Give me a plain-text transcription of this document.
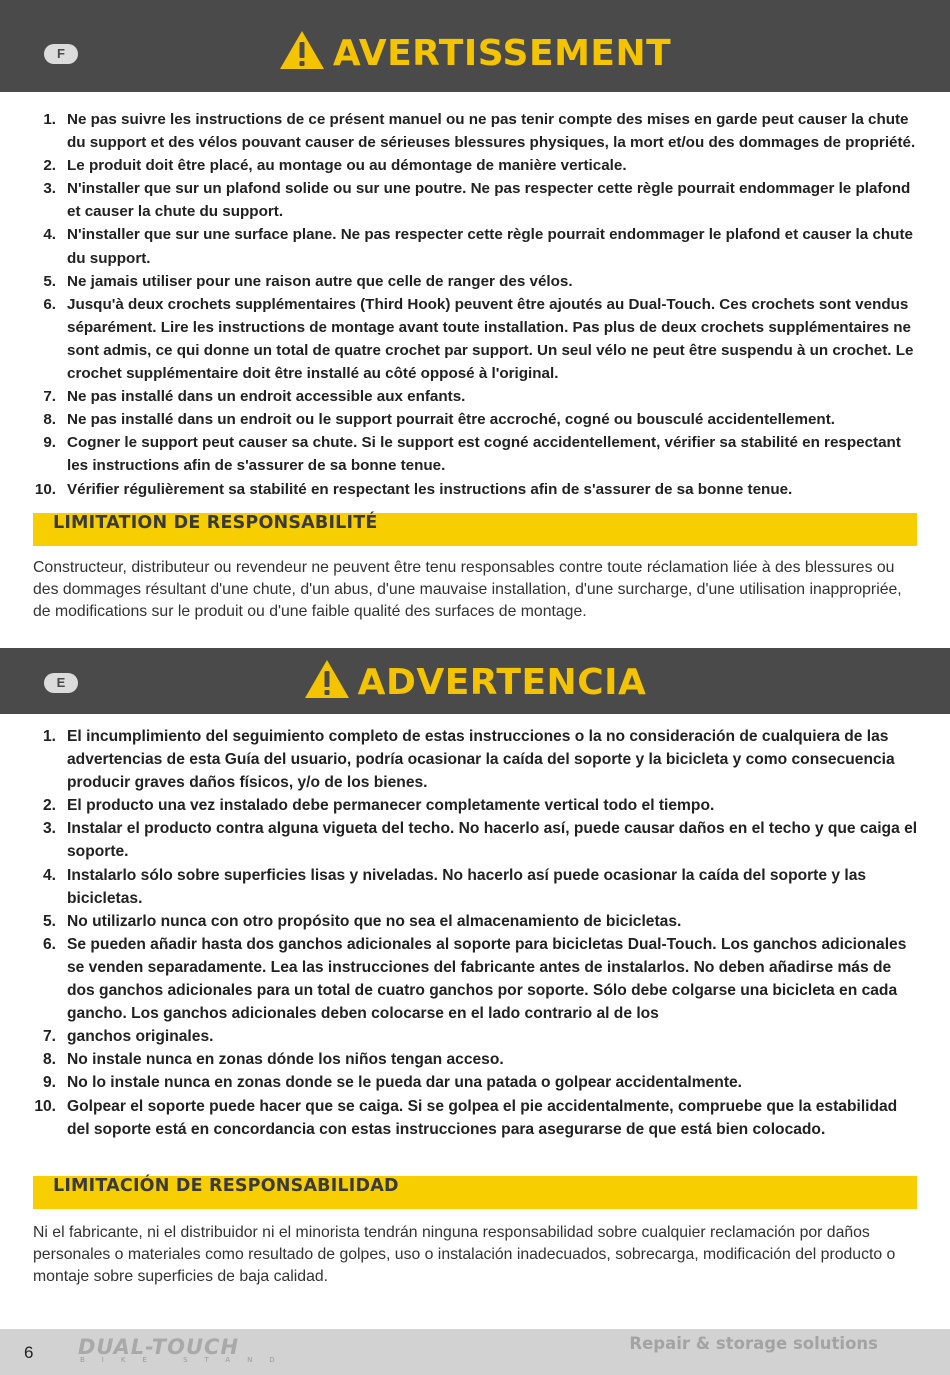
F	AVERTISSEMENT
1. Ne pas suivre les instructions de ce présent manuel ou ne pas tenir compte des mises en garde peut causer la chute du support et des vélos pouvant causer de sérieuses blessures physiques, la mort et/ou des dommages de propriété.
2. Le produit doit être placé, au montage ou au démontage de manière verticale.
3. N'installer que sur un plafond solide ou sur une poutre. Ne pas respecter cette règle pourrait endommager le plafond et causer la chute du support.
4. N'installer que sur une surface plane. Ne pas respecter cette règle pourrait endommager le plafond et causer la chute du support.
5. Ne jamais utiliser pour une raison autre que celle de ranger des vélos.
6. Jusqu'à deux crochets supplémentaires (Third Hook) peuvent être ajoutés au Dual-Touch. Ces crochets sont vendus séparément. Lire les instructions de montage avant toute installation. Pas plus de deux crochets supplémentaires ne sont admis, ce qui donne un total de quatre crochet par support. Un seul vélo ne peut être suspendu à un crochet. Le crochet supplémentaire doit être installé au côté opposé à l'original.
7. Ne pas installé dans un endroit accessible aux enfants.
8. Ne pas installé dans un endroit ou le support pourrait être accroché, cogné ou bousculé accidentellement.
9. Cogner le support peut causer sa chute. Si le support est cogné accidentellement, vérifier sa stabilité en respectant les instructions afin de s'assurer de sa bonne tenue.
10. Vérifier régulièrement sa stabilité en respectant les instructions afin de s'assurer de sa bonne tenue.
LIMITATION DE RESPONSABILITÉ

Constructeur, distributeur ou revendeur ne peuvent être tenu responsables contre toute réclamation liée à des blessures ou des dommages résultant d'une chute, d'un abus, d'une mauvaise installation, d'une surcharge, d'une utilisation inappropriée, de modifications sur le produit ou d'une faible qualité des surfaces de montage.

E	ADVERTENCIA
1. El incumplimiento del seguimiento completo de estas instrucciones o la no consideración de cualquiera de las advertencias de esta Guía del usuario, podría ocasionar la caída del soporte y la bicicleta y como consecuencia producir graves daños físicos, y/o de los bienes.
2. El producto una vez instalado debe permanecer completamente vertical todo el tiempo.
3. Instalar el producto contra alguna vigueta del techo. No hacerlo así, puede causar daños en el techo y que caiga el soporte.
4. Instalarlo sólo sobre superficies lisas y niveladas. No hacerlo así puede ocasionar la caída del soporte y las bicicletas.
5. No utilizarlo nunca con otro propósito que no sea el almacenamiento de bicicletas.
6. Se pueden añadir hasta dos ganchos adicionales al soporte para bicicletas Dual-Touch. Los ganchos adicionales se venden separadamente. Lea las instrucciones del fabricante antes de instalarlos. No deben añadirse más de dos ganchos adicionales para un total de cuatro ganchos por soporte. Sólo debe colgarse una bicicleta en cada gancho. Los ganchos adicionales deben colocarse en el lado contrario al de los
7. ganchos originales.
8. No instale nunca en zonas dónde los niños tengan acceso.
9. No lo instale nunca en zonas donde se le pueda dar una patada o golpear accidentalmente.
10. Golpear el soporte puede hacer que se caiga. Si se golpea el pie accidentalmente, compruebe que la estabilidad del soporte está en concordancia con estas instrucciones para asegurarse de que está bien colocado.
LIMITACIÓN DE RESPONSABILIDAD

Ni el fabricante, ni el distribuidor ni el minorista tendrán ninguna responsabilidad sobre cualquier reclamación por daños personales o materiales como resultado de golpes, uso o instalación inadecuados, sobrecarga, modificación del producto o montaje sobre superficies de baja calidad.

6 DUAL-TOUCH
BIKE STAND
Repair & storage solutions
